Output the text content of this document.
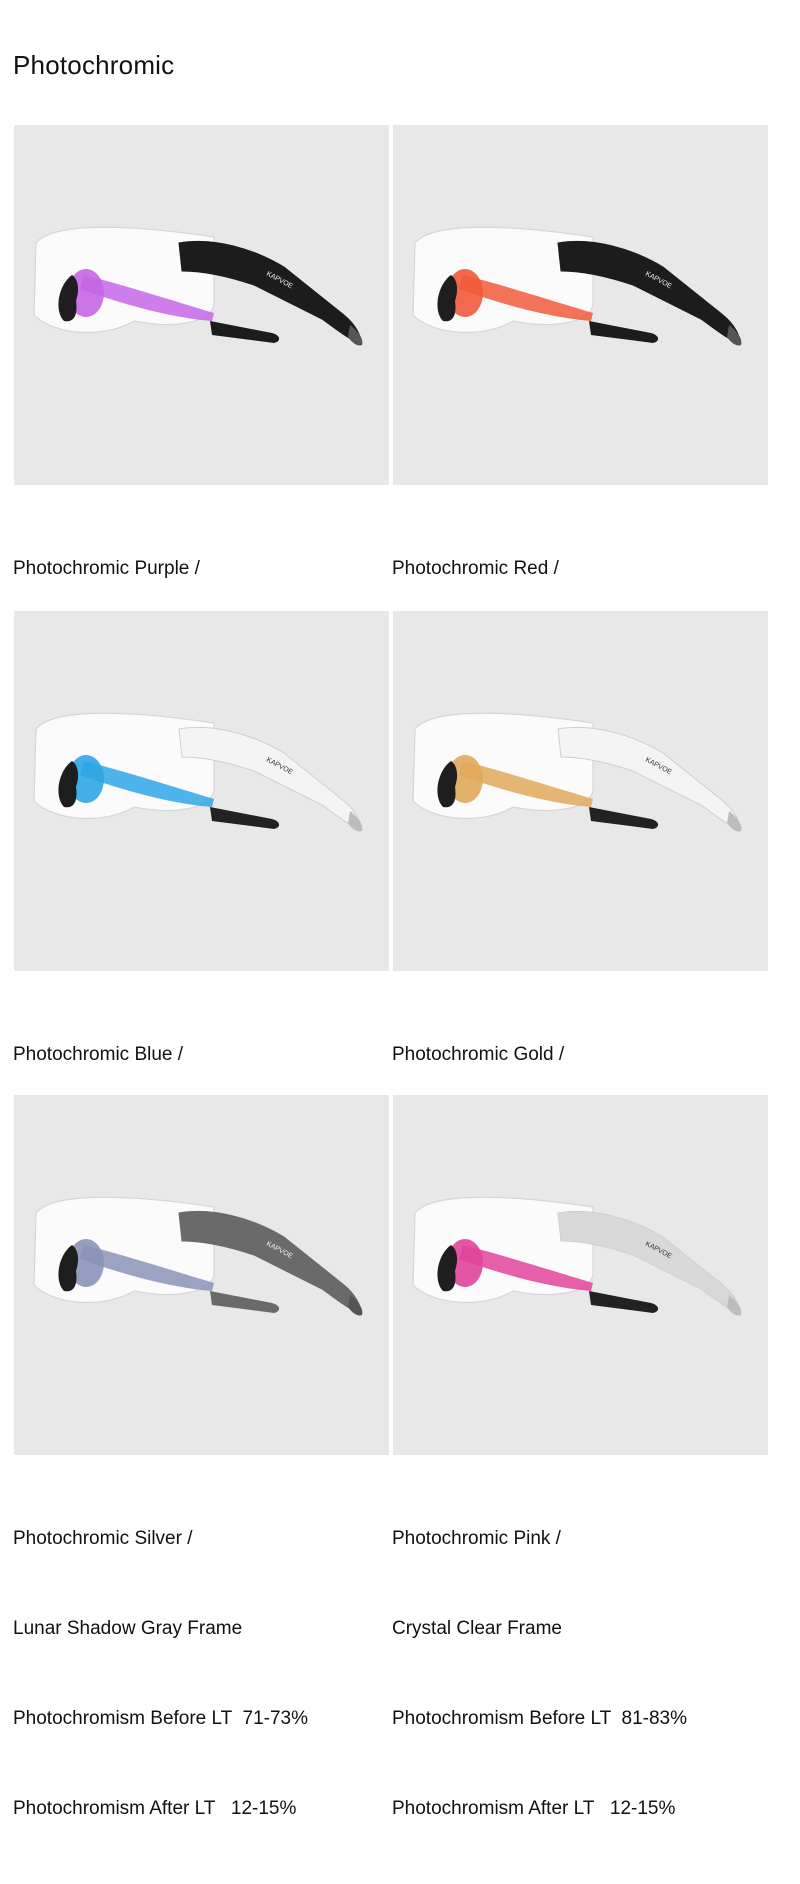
Photochromic
KAPVOE

Photochromic Purple /

KAPVOE

Photochromic Red /

KAPVOE

Photochromic Blue /

KAPVOE

Photochromic Gold /

KAPVOE

Photochromic Silver /

Lunar Shadow Gray Frame

Photochromism Before LT  71-73%

Photochromism After LT   12-15%

KAPVOE

Photochromic Pink /

Crystal Clear Frame

Photochromism Before LT  81-83%

Photochromism After LT   12-15%
